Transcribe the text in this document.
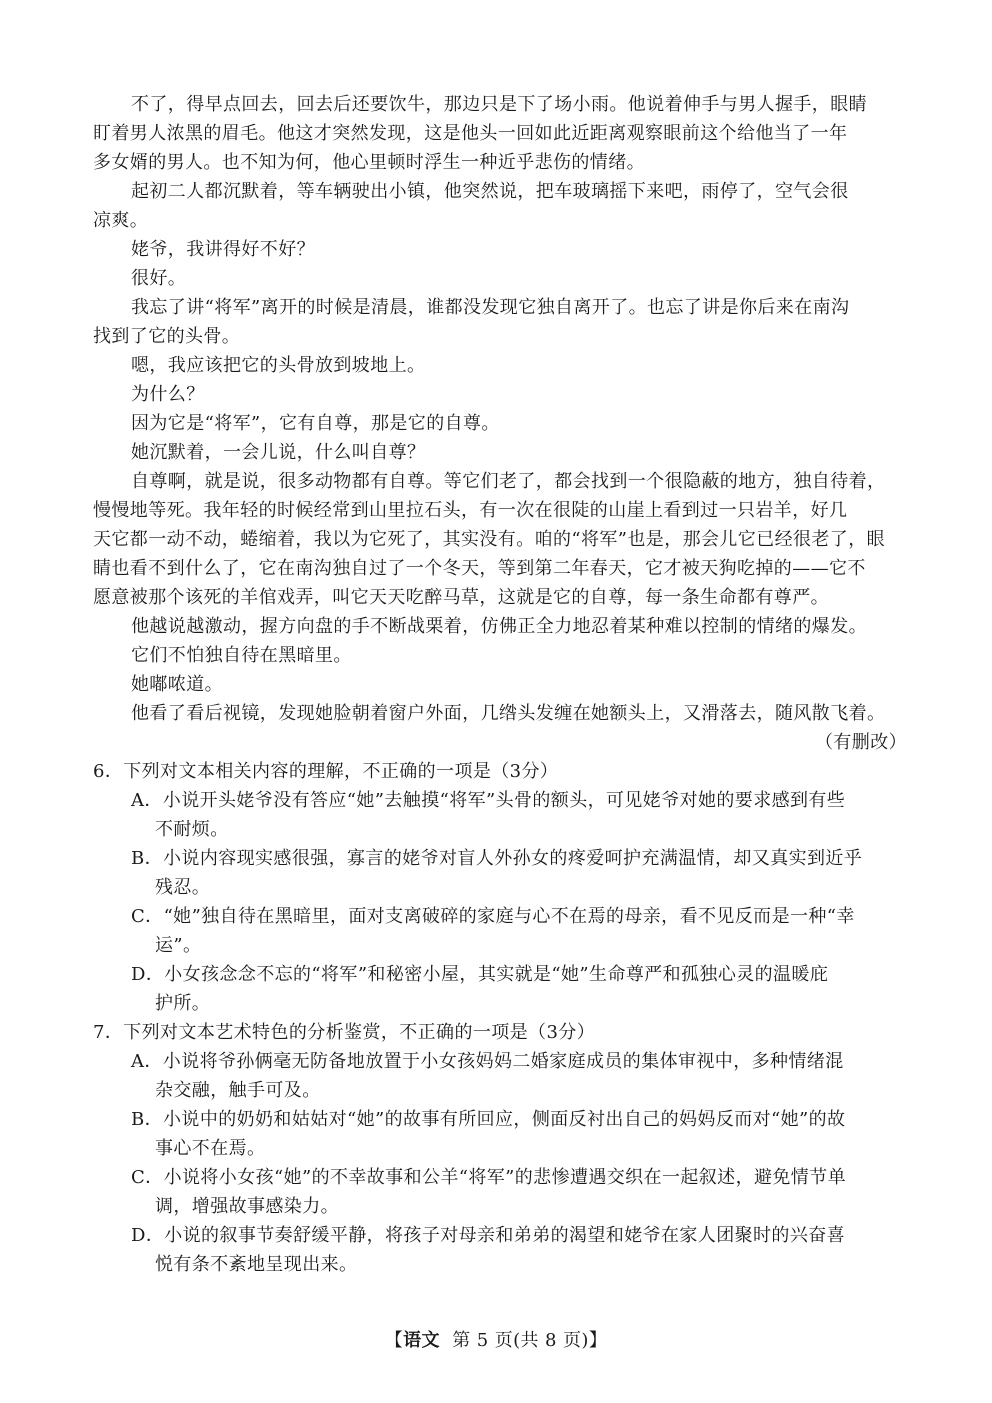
不了，得早点回去，回去后还要饮牛，那边只是下了场小雨。他说着伸手与男人握手，眼睛
盯着男人浓黑的眉毛。他这才突然发现，这是他头一回如此近距离观察眼前这个给他当了一年
多女婿的男人。也不知为何，他心里顿时浮生一种近乎悲伤的情绪。
起初二人都沉默着，等车辆驶出小镇，他突然说，把车玻璃摇下来吧，雨停了，空气会很
凉爽。
姥爷，我讲得好不好？
很好。
我忘了讲“将军”离开的时候是清晨，谁都没发现它独自离开了。也忘了讲是你后来在南沟
找到了它的头骨。
嗯，我应该把它的头骨放到坡地上。
为什么？
因为它是“将军”，它有自尊，那是它的自尊。
她沉默着，一会儿说，什么叫自尊？
自尊啊，就是说，很多动物都有自尊。等它们老了，都会找到一个很隐蔽的地方，独自待着，
慢慢地等死。我年轻的时候经常到山里拉石头，有一次在很陡的山崖上看到过一只岩羊，好几
天它都一动不动，蜷缩着，我以为它死了，其实没有。咱的“将军”也是，那会儿它已经很老了，眼
睛也看不到什么了，它在南沟独自过了一个冬天，等到第二年春天，它才被天狗吃掉的——它不
愿意被那个该死的羊倌戏弄，叫它天天吃醉马草，这就是它的自尊，每一条生命都有尊严。
他越说越激动，握方向盘的手不断战栗着，仿佛正全力地忍着某种难以控制的情绪的爆发。
它们不怕独自待在黑暗里。
她嘟哝道。
他看了看后视镜，发现她脸朝着窗户外面，几绺头发缠在她额头上，又滑落去，随风散飞着。
（有删改）
6．下列对文本相关内容的理解，不正确的一项是（3分）
A．小说开头姥爷没有答应“她”去触摸“将军”头骨的额头，可见姥爷对她的要求感到有些
不耐烦。
B．小说内容现实感很强，寡言的姥爷对盲人外孙女的疼爱呵护充满温情，却又真实到近乎
残忍。
C．“她”独自待在黑暗里，面对支离破碎的家庭与心不在焉的母亲，看不见反而是一种“幸
运”。
D．小女孩念念不忘的“将军”和秘密小屋，其实就是“她”生命尊严和孤独心灵的温暖庇
护所。
7．下列对文本艺术特色的分析鉴赏，不正确的一项是（3分）
A．小说将爷孙俩毫无防备地放置于小女孩妈妈二婚家庭成员的集体审视中，多种情绪混
杂交融，触手可及。
B．小说中的奶奶和姑姑对“她”的故事有所回应，侧面反衬出自己的妈妈反而对“她”的故
事心不在焉。
C．小说将小女孩“她”的不幸故事和公羊“将军”的悲惨遭遇交织在一起叙述，避免情节单
调，增强故事感染力。
D．小说的叙事节奏舒缓平静，将孩子对母亲和弟弟的渴望和姥爷在家人团聚时的兴奋喜
悦有条不紊地呈现出来。
【语文 第 5 页(共 8 页)】
